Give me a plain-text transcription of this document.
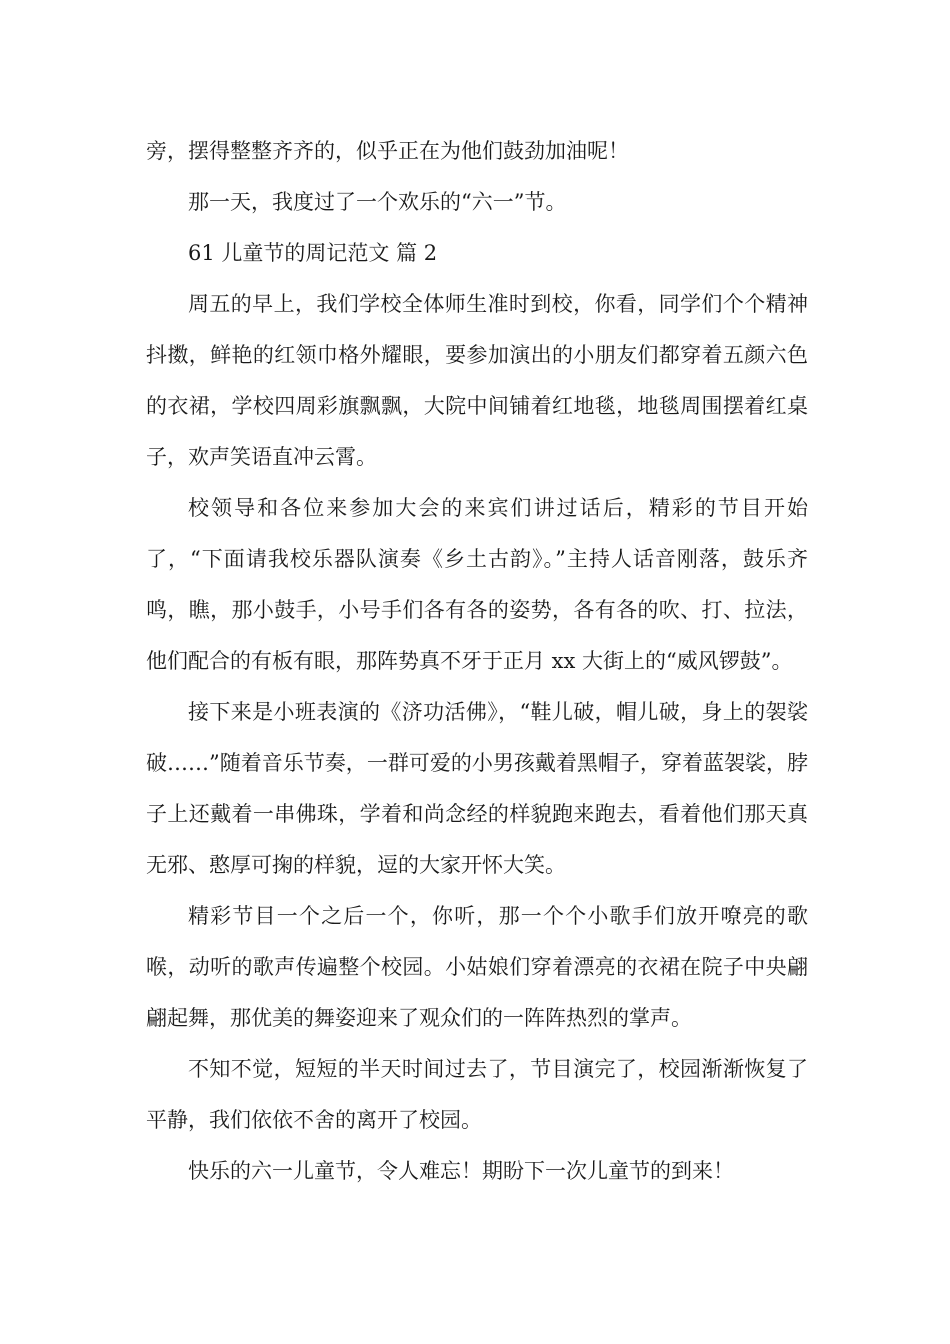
旁，摆得整整齐齐的，似乎正在为他们鼓劲加油呢！

那一天，我度过了一个欢乐的“六一”节。

61 儿童节的周记范文 篇 2

周五的早上，我们学校全体师生准时到校，你看，同学们个个精神抖擞，鲜艳的红领巾格外耀眼，要参加演出的小朋友们都穿着五颜六色的衣裙，学校四周彩旗飘飘，大院中间铺着红地毯，地毯周围摆着红桌子，欢声笑语直冲云霄。

校领导和各位来参加大会的来宾们讲过话后，精彩的节目开始了，“下面请我校乐器队演奏《乡土古韵》。”主持人话音刚落，鼓乐齐鸣，瞧，那小鼓手，小号手们各有各的姿势，各有各的吹、打、拉法，他们配合的有板有眼，那阵势真不牙于正月 xx 大街上的“威风锣鼓”。

接下来是小班表演的《济功活佛》，“鞋儿破，帽儿破，身上的袈裟破……”随着音乐节奏，一群可爱的小男孩戴着黑帽子，穿着蓝袈裟，脖子上还戴着一串佛珠，学着和尚念经的样貌跑来跑去，看着他们那天真无邪、憨厚可掬的样貌，逗的大家开怀大笑。

精彩节目一个之后一个，你听，那一个个小歌手们放开嘹亮的歌喉，动听的歌声传遍整个校园。小姑娘们穿着漂亮的衣裙在院子中央翩翩起舞，那优美的舞姿迎来了观众们的一阵阵热烈的掌声。

不知不觉，短短的半天时间过去了，节目演完了，校园渐渐恢复了平静，我们依依不舍的离开了校园。

快乐的六一儿童节，令人难忘！期盼下一次儿童节的到来！
